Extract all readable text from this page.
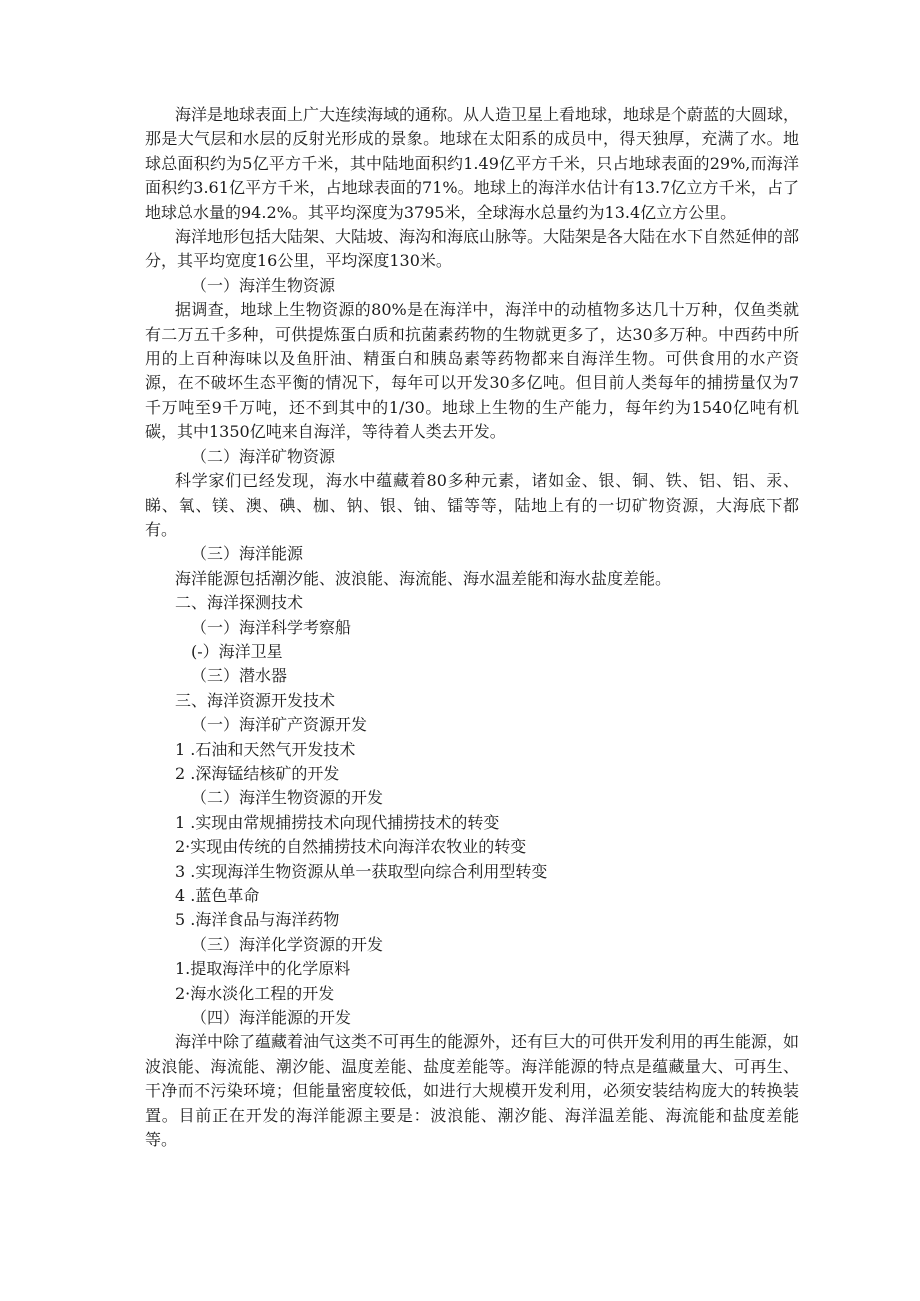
海洋是地球表面上广大连续海域的通称。从人造卫星上看地球，地球是个蔚蓝的大圆球，那是大气层和水层的反射光形成的景象。地球在太阳系的成员中，得天独厚，充满了水。地球总面积约为5亿平方千米，其中陆地面积约1.49亿平方千米，只占地球表面的29%,而海洋面积约3.61亿平方千米，占地球表面的71%。地球上的海洋水估计有13.7亿立方千米，占了地球总水量的94.2%。其平均深度为3795米，全球海水总量约为13.4亿立方公里。

海洋地形包括大陆架、大陆坡、海沟和海底山脉等。大陆架是各大陆在水下自然延伸的部分，其平均宽度16公里，平均深度130米。

（一）海洋生物资源

据调查，地球上生物资源的80%是在海洋中，海洋中的动植物多达几十万种，仅鱼类就有二万五千多种，可供提炼蛋白质和抗菌素药物的生物就更多了，达30多万种。中西药中所用的上百种海味以及鱼肝油、精蛋白和胰岛素等药物都来自海洋生物。可供食用的水产资源，在不破坏生态平衡的情况下，每年可以开发30多亿吨。但目前人类每年的捕捞量仅为7千万吨至9千万吨，还不到其中的1/30。地球上生物的生产能力，每年约为1540亿吨有机碳，其中1350亿吨来自海洋，等待着人类去开发。

（二）海洋矿物资源

科学家们已经发现，海水中蕴藏着80多种元素，诸如金、银、铜、铁、铝、铝、汞、睇、氧、镁、澳、碘、枷、钠、银、铀、镭等等，陆地上有的一切矿物资源，大海底下都有。

（三）海洋能源

海洋能源包括潮汐能、波浪能、海流能、海水温差能和海水盐度差能。

二、海洋探测技术

（一）海洋科学考察船

(-）海洋卫星

（三）潜水器

三、海洋资源开发技术

（一）海洋矿产资源开发

1 .石油和天然气开发技术

2 .深海锰结核矿的开发

（二）海洋生物资源的开发

1 .实现由常规捕捞技术向现代捕捞技术的转变

2·实现由传统的自然捕捞技术向海洋农牧业的转变

3 .实现海洋生物资源从单一获取型向综合利用型转变

4 .蓝色革命

5 .海洋食品与海洋药物

（三）海洋化学资源的开发

1.提取海洋中的化学原料

2·海水淡化工程的开发

（四）海洋能源的开发

海洋中除了蕴藏着油气这类不可再生的能源外，还有巨大的可供开发利用的再生能源，如波浪能、海流能、潮汐能、温度差能、盐度差能等。海洋能源的特点是蕴藏量大、可再生、干净而不污染环境；但能量密度较低，如进行大规模开发利用，必须安装结构庞大的转换装置。目前正在开发的海洋能源主要是：波浪能、潮汐能、海洋温差能、海流能和盐度差能等。
